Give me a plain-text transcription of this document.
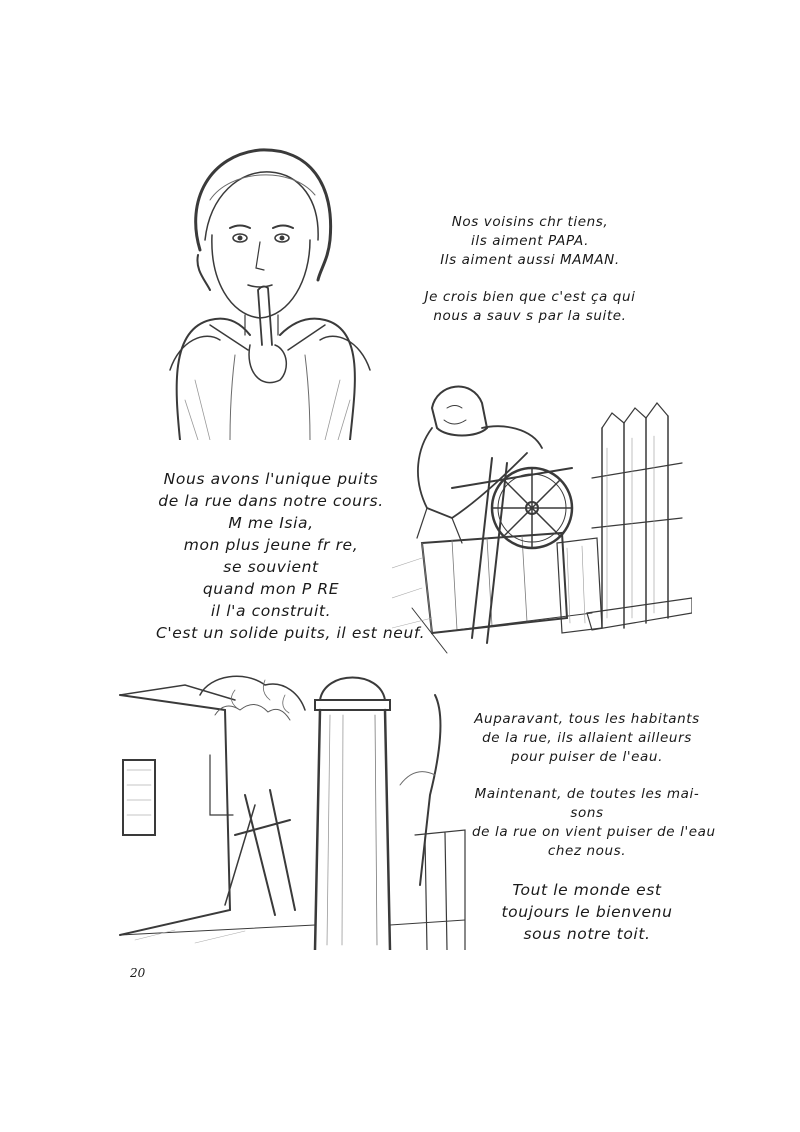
Nos voisins chr tiens,
ils aiment PAPA.
Ils aiment aussi MAMAN.
Je crois bien que c'est ça qui
nous a sauv s par la suite.
Nous avons l'unique puits
de la rue dans notre cours.
M me Isia,
mon plus jeune fr re,
se souvient
quand mon P RE
il l'a construit.
C'est un solide puits, il est neuf.
Auparavant, tous les habitants
de la rue, ils allaient ailleurs
pour puiser de l'eau.
Maintenant, de toutes les mai-
sons
de la rue on vient puiser de l'eau
chez nous.
Tout le monde est
toujours le bienvenu
sous notre toit.
20
